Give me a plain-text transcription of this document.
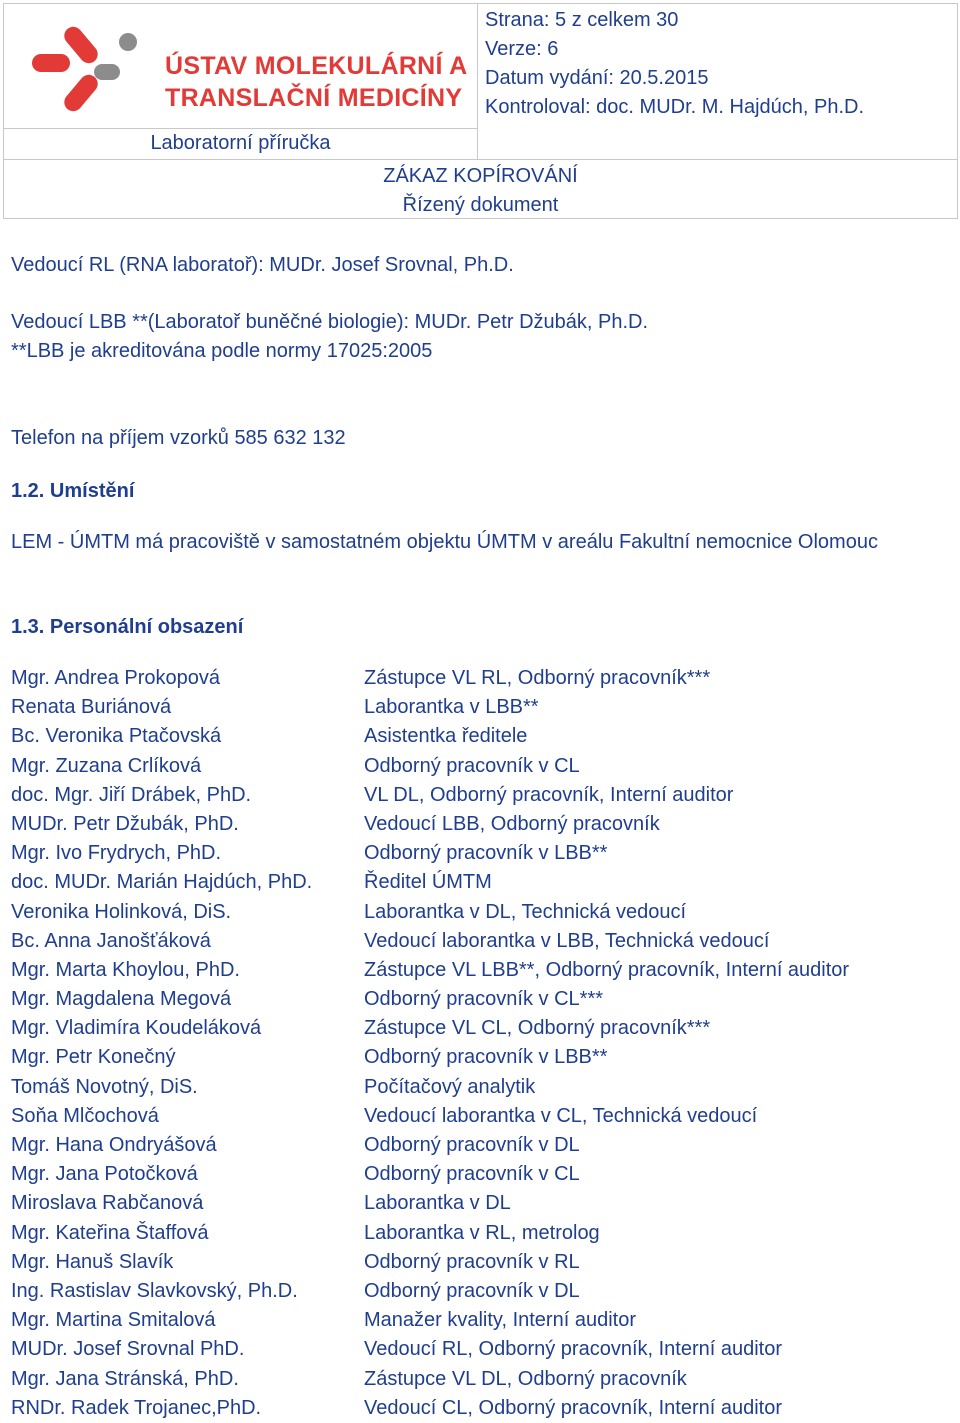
ÚSTAV MOLEKULÁRNÍ A
TRANSLAČNÍ MEDICÍNY
Laboratorní příručka
Strana: 5 z celkem 30
Verze: 6
Datum vydání: 20.5.2015
Kontroloval: doc. MUDr. M. Hajdúch, Ph.D.
ZÁKAZ KOPÍROVÁNÍ
Řízený dokument
Vedoucí RL (RNA laboratoř): MUDr. Josef Srovnal, Ph.D.
Vedoucí LBB **(Laboratoř buněčné biologie): MUDr. Petr Džubák, Ph.D.
**LBB je akreditována podle normy 17025:2005
Telefon na příjem vzorků 585 632 132
1.2. Umístění
LEM - ÚMTM má pracoviště v samostatném objektu ÚMTM v areálu Fakultní nemocnice Olomouc
1.3. Personální obsazení
Mgr. Andrea Prokopová	Zástupce VL RL, Odborný pracovník***
Renata Buriánová	Laborantka v LBB**
Bc. Veronika Ptačovská	Asistentka ředitele
Mgr. Zuzana Crlíková	Odborný pracovník v CL
doc. Mgr. Jiří Drábek, PhD.	VL DL, Odborný pracovník, Interní auditor
MUDr. Petr Džubák, PhD.	Vedoucí LBB, Odborný pracovník
Mgr. Ivo Frydrych, PhD.	Odborný pracovník v LBB**
doc. MUDr. Marián Hajdúch, PhD.	Ředitel ÚMTM
Veronika Holinková, DiS.	Laborantka v DL, Technická vedoucí
Bc. Anna Janošťáková	Vedoucí laborantka v LBB, Technická vedoucí
Mgr. Marta Khoylou, PhD.	Zástupce VL LBB**, Odborný pracovník, Interní auditor
Mgr. Magdalena Megová	Odborný pracovník v CL***
Mgr. Vladimíra Koudeláková	Zástupce VL CL, Odborný pracovník***
Mgr. Petr Konečný	Odborný pracovník v LBB**
Tomáš Novotný, DiS.	Počítačový analytik
Soňa Mlčochová	Vedoucí laborantka v CL, Technická vedoucí
Mgr. Hana Ondryášová	Odborný pracovník v DL
Mgr. Jana Potočková	Odborný pracovník v CL
Miroslava Rabčanová	Laborantka v DL
Mgr. Kateřina Štaffová	Laborantka v RL, metrolog
Mgr. Hanuš Slavík	Odborný pracovník v RL
Ing. Rastislav Slavkovský, Ph.D.	Odborný pracovník v DL
Mgr. Martina Smitalová	Manažer kvality, Interní auditor
MUDr. Josef Srovnal PhD.	Vedoucí RL, Odborný pracovník, Interní auditor
Mgr. Jana Stránská, PhD.	Zástupce VL DL, Odborný pracovník
RNDr. Radek Trojanec,PhD.	Vedoucí CL, Odborný pracovník, Interní auditor
